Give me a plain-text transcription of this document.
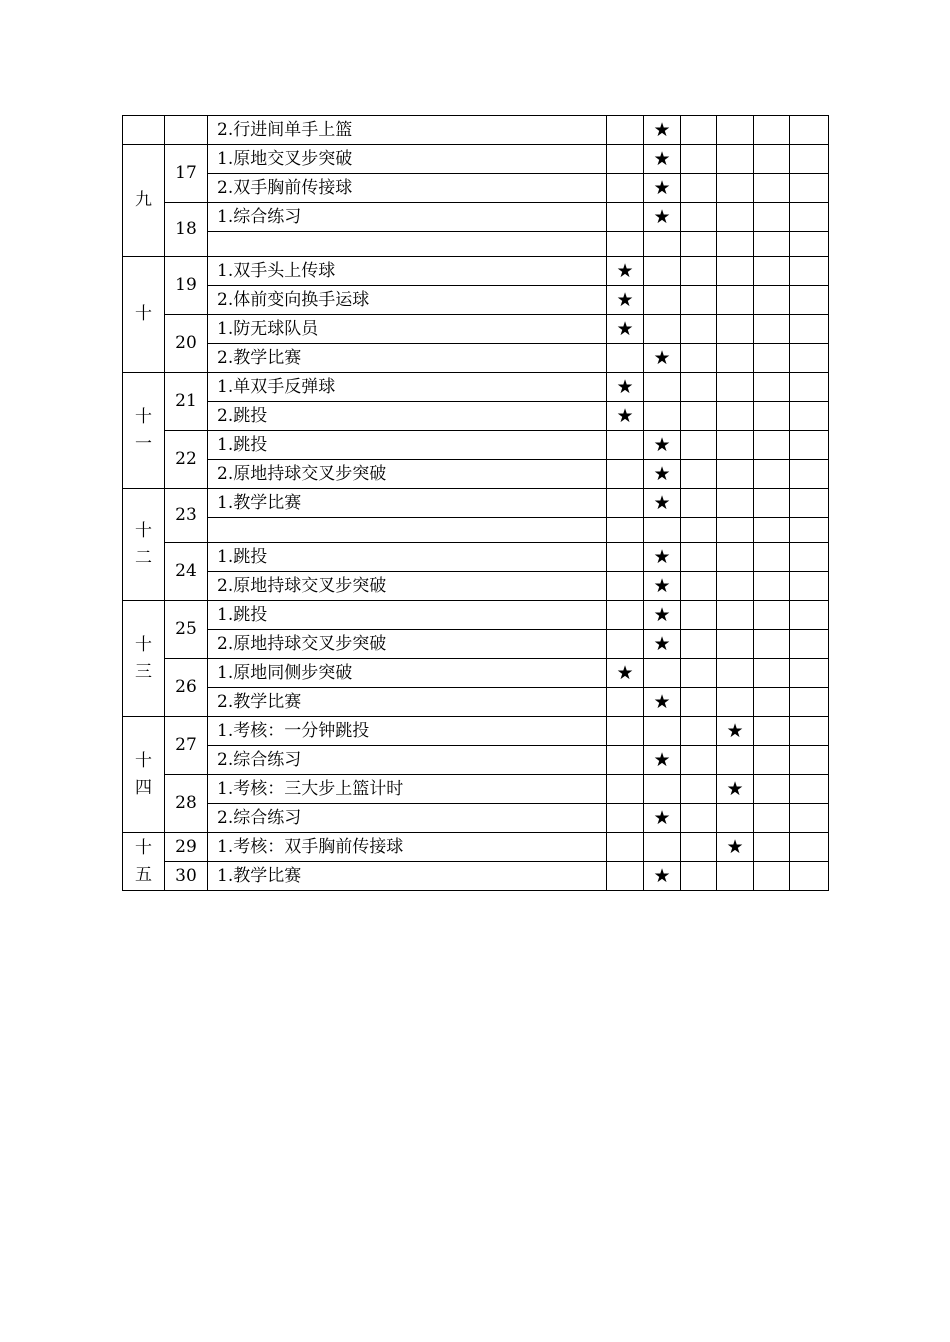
		2.行进间单手上篮		★				
九	17	1.原地交叉步突破		★				
		2.双手胸前传接球		★				
	18	1.综合练习		★				

十	19	1.双手头上传球	★					
		2.体前变向换手运球	★					
	20	1.防无球队员	★					
		2.教学比赛		★				

十
一	21	1.单双手反弹球	★					
		2.跳投	★					
	22	1.跳投		★				
		2.原地持球交叉步突破		★				

十
二	23	1.教学比赛		★				

	24	1.跳投		★				
		2.原地持球交叉步突破		★				

十
三	25	1.跳投		★				
		2.原地持球交叉步突破		★				
	26	1.原地同侧步突破	★					
		2.教学比赛		★				

十
四	27	1.考核：一分钟跳投				★		
		2.综合练习		★				
	28	1.考核：三大步上篮计时				★		
		2.综合练习		★				

十
五	29	1.考核：双手胸前传接球				★		
	30	1.教学比赛		★				
